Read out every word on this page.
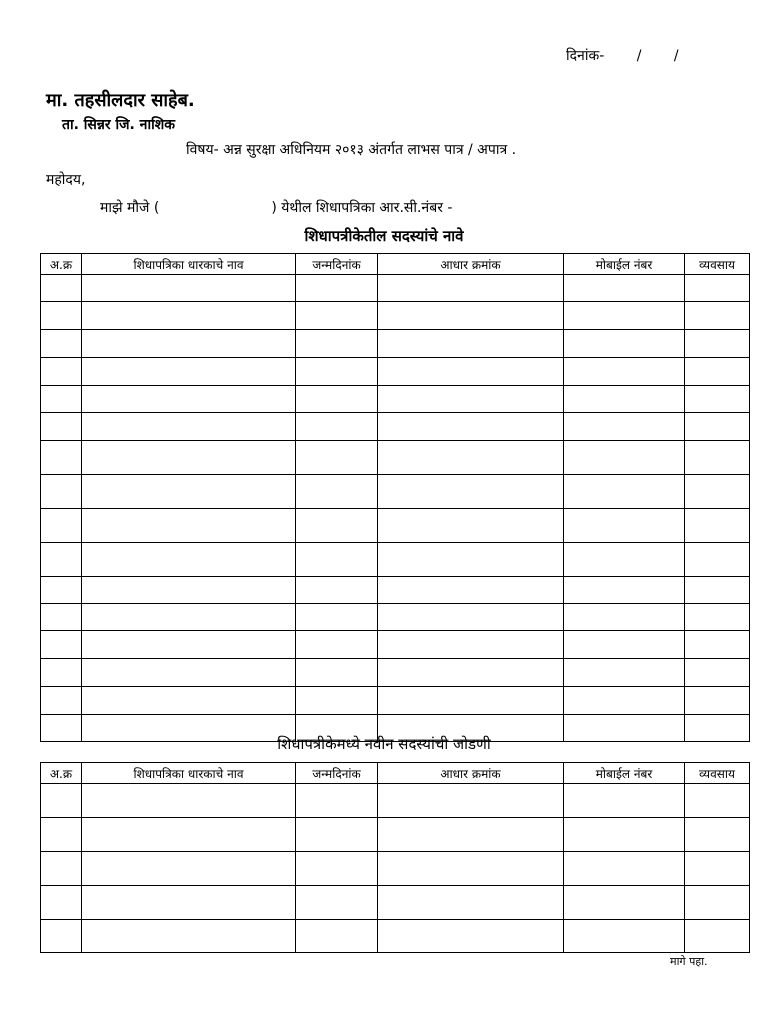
दिनांक- / /
मा. तहसीलदार साहेब.
ता. सिन्नर जि. नाशिक
विषय- अन्न सुरक्षा अधिनियम २०१३ अंतर्गत लाभस पात्र / अपात्र .
महोदय,
माझे मौजे (	) येथील शिधापत्रिका आर.सी.नंबर -
शिधापत्रीकेतील सदस्यांचे नावे
अ.क्र	शिधापत्रिका धारकाचे नाव	जन्मदिनांक	आधार क्रमांक	मोबाईल नंबर	व्यवसाय

शिधापत्रीकेमध्ये नवीन सदस्यांची जोडणी
अ.क्र	शिधापत्रिका धारकाचे नाव	जन्मदिनांक	आधार क्रमांक	मोबाईल नंबर	व्यवसाय

मागे पहा.
